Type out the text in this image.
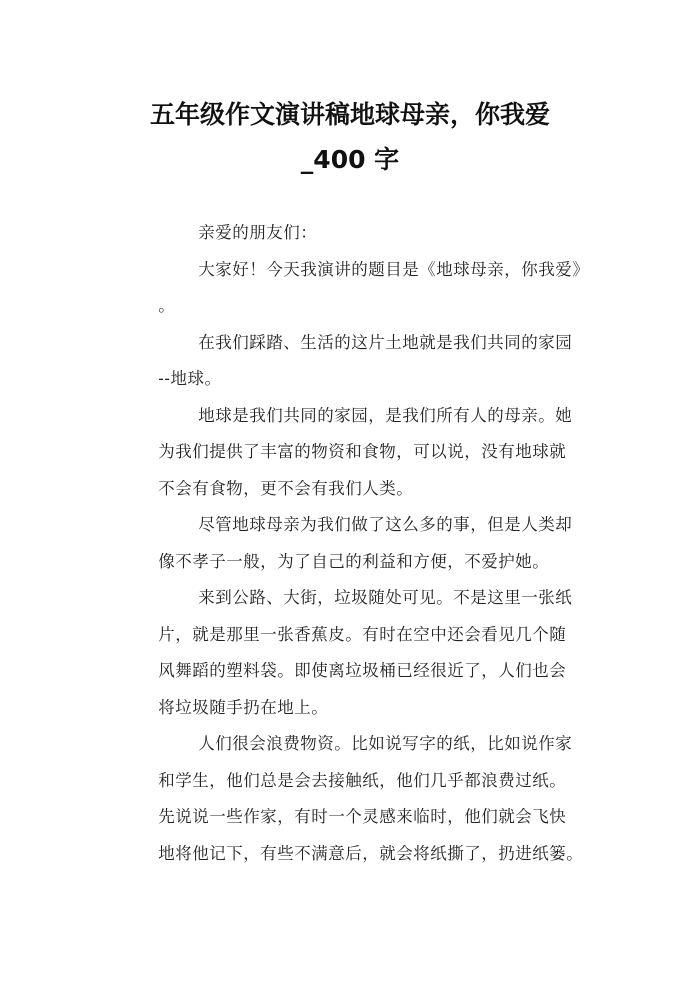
五年级作文演讲稿地球母亲，你我爱
_400 字
亲爱的朋友们：
大家好！今天我演讲的题目是《地球母亲，你我爱》
。
在我们踩踏、生活的这片土地就是我们共同的家园
--地球。
地球是我们共同的家园，是我们所有人的母亲。她
为我们提供了丰富的物资和食物，可以说，没有地球就
不会有食物，更不会有我们人类。
尽管地球母亲为我们做了这么多的事，但是人类却
像不孝子一般，为了自己的利益和方便，不爱护她。
来到公路、大街，垃圾随处可见。不是这里一张纸
片，就是那里一张香蕉皮。有时在空中还会看见几个随
风舞蹈的塑料袋。即使离垃圾桶已经很近了，人们也会
将垃圾随手扔在地上。
人们很会浪费物资。比如说写字的纸，比如说作家
和学生，他们总是会去接触纸，他们几乎都浪费过纸。
先说说一些作家，有时一个灵感来临时，他们就会飞快
地将他记下，有些不满意后，就会将纸撕了，扔进纸篓。
